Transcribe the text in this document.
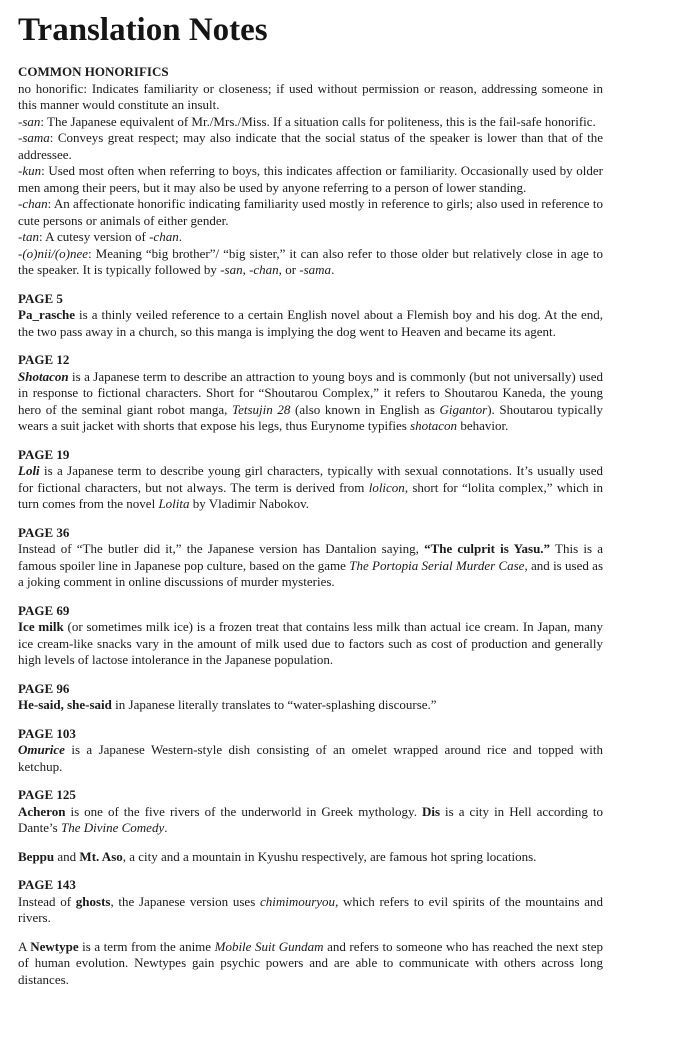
Translation Notes
COMMON HONORIFICS

no honorific: Indicates familiarity or closeness; if used without permission or reason, addressing someone in this manner would constitute an insult.

-san: The Japanese equivalent of Mr./Mrs./Miss. If a situation calls for politeness, this is the fail-safe honorific.

-sama: Conveys great respect; may also indicate that the social status of the speaker is lower than that of the addressee.

-kun: Used most often when referring to boys, this indicates affection or familiarity. Occasionally used by older men among their peers, but it may also be used by anyone referring to a person of lower standing.

-chan: An affectionate honorific indicating familiarity used mostly in reference to girls; also used in reference to cute persons or animals of either gender.

-tan: A cutesy version of -chan.

-(o)nii/(o)nee: Meaning “big brother”/ “big sister,” it can also refer to those older but relatively close in age to the speaker. It is typically followed by -san, -chan, or -sama.

PAGE 5

Pa_rasche is a thinly veiled reference to a certain English novel about a Flemish boy and his dog. At the end, the two pass away in a church, so this manga is implying the dog went to Heaven and became its agent.

PAGE 12

Shotacon is a Japanese term to describe an attraction to young boys and is commonly (but not universally) used in response to fictional characters. Short for “Shoutarou Complex,” it refers to Shoutarou Kaneda, the young hero of the seminal giant robot manga, Tetsujin 28 (also known in English as Gigantor). Shoutarou typically wears a suit jacket with shorts that expose his legs, thus Eurynome typifies shotacon behavior.

PAGE 19

Loli is a Japanese term to describe young girl characters, typically with sexual connotations. It’s usually used for fictional characters, but not always. The term is derived from lolicon, short for “lolita complex,” which in turn comes from the novel Lolita by Vladimir Nabokov.

PAGE 36

Instead of “The butler did it,” the Japanese version has Dantalion saying, “The culprit is Yasu.” This is a famous spoiler line in Japanese pop culture, based on the game The Portopia Serial Murder Case, and is used as a joking comment in online discussions of murder mysteries.

PAGE 69

Ice milk (or sometimes milk ice) is a frozen treat that contains less milk than actual ice cream. In Japan, many ice cream-like snacks vary in the amount of milk used due to factors such as cost of production and generally high levels of lactose intolerance in the Japanese population.

PAGE 96

He-said, she-said in Japanese literally translates to “water-splashing discourse.”

PAGE 103

Omurice is a Japanese Western-style dish consisting of an omelet wrapped around rice and topped with ketchup.

PAGE 125

Acheron is one of the five rivers of the underworld in Greek mythology. Dis is a city in Hell according to Dante’s The Divine Comedy.

Beppu and Mt. Aso, a city and a mountain in Kyushu respectively, are famous hot spring locations.

PAGE 143

Instead of ghosts, the Japanese version uses chimimouryou, which refers to evil spirits of the mountains and rivers.

A Newtype is a term from the anime Mobile Suit Gundam and refers to someone who has reached the next step of human evolution. Newtypes gain psychic powers and are able to communicate with others across long distances.
